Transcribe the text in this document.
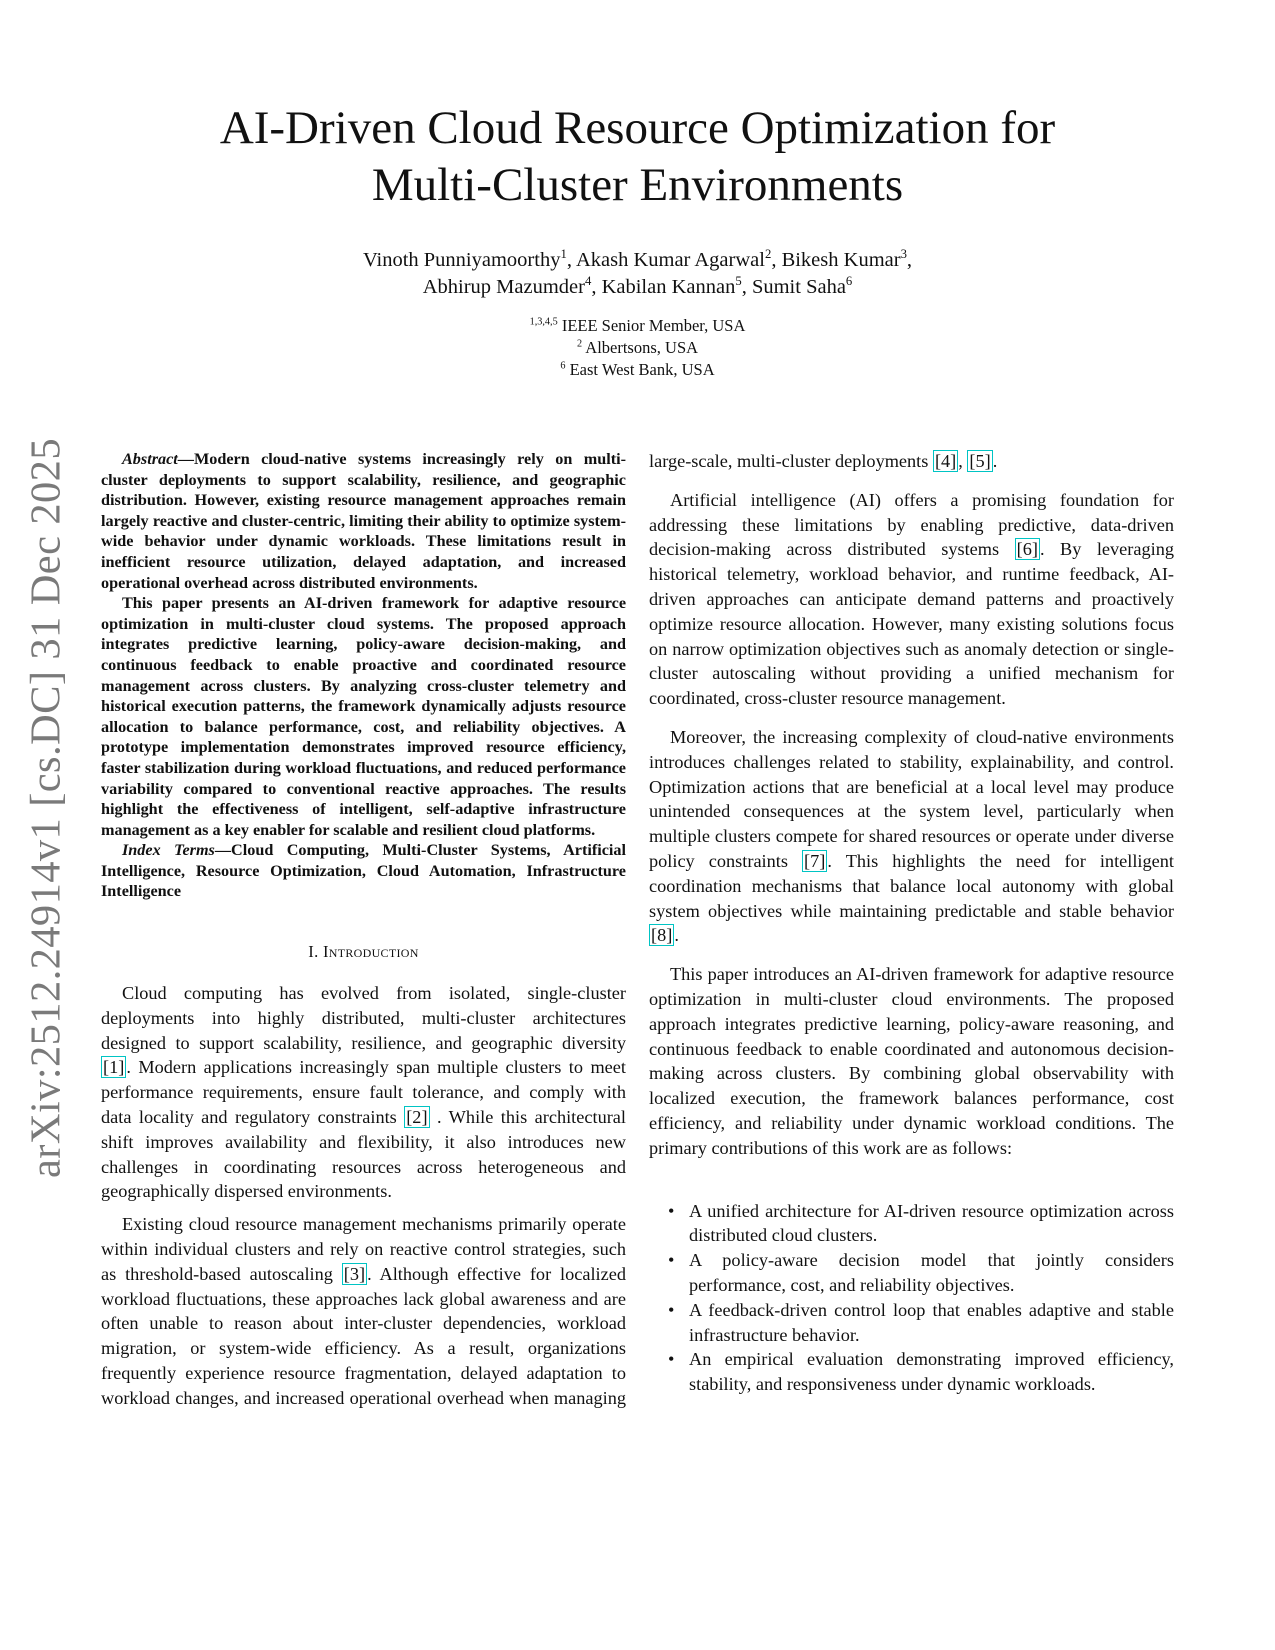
arXiv:2512.24914v1 [cs.DC] 31 Dec 2025
AI-Driven Cloud Resource Optimization for
Multi-Cluster Environments
Vinoth Punniyamoorthy$^1$, Akash Kumar Agarwal$^2$, Bikesh Kumar$^3$,
Abhirup Mazumder$^4$, Kabilan Kannan$^5$, Sumit Saha$^6$
$^{1,3,4,5}$ IEEE Senior Member, USA
$^2$ Albertsons, USA
$^6$ East West Bank, USA

Abstract—Modern cloud-native systems increasingly rely on multi-cluster deployments to support scalability, resilience, and geographic distribution. However, existing resource management approaches remain largely reactive and cluster-centric, limiting their ability to optimize system-wide behavior under dynamic workloads. These limitations result in inefficient resource utilization, delayed adaptation, and increased operational overhead across distributed environments.

This paper presents an AI-driven framework for adaptive resource optimization in multi-cluster cloud systems. The proposed approach integrates predictive learning, policy-aware decision-making, and continuous feedback to enable proactive and coordinated resource management across clusters. By analyzing cross-cluster telemetry and historical execution patterns, the framework dynamically adjusts resource allocation to balance performance, cost, and reliability objectives. A prototype implementation demonstrates improved resource efficiency, faster stabilization during workload fluctuations, and reduced performance variability compared to conventional reactive approaches. The results highlight the effectiveness of intelligent, self-adaptive infrastructure management as a key enabler for scalable and resilient cloud platforms.

Index Terms—Cloud Computing, Multi-Cluster Systems, Artificial Intelligence, Resource Optimization, Cloud Automation, Infrastructure Intelligence

I. Introduction

Cloud computing has evolved from isolated, single-cluster deployments into highly distributed, multi-cluster architectures designed to support scalability, resilience, and geographic diversity [1] . Modern applications increasingly span multiple clusters to meet performance requirements, ensure fault tolerance, and comply with data locality and regulatory constraints [2] . While this architectural shift improves availability and flexibility, it also introduces new challenges in coordinating resources across heterogeneous and geographically dispersed environments.

Existing cloud resource management mechanisms primarily operate within individual clusters and rely on reactive control strategies, such as threshold-based autoscaling [3] . Although effective for localized workload fluctuations, these approaches lack global awareness and are often unable to reason about inter-cluster dependencies, workload migration, or system-wide efficiency. As a result, organizations frequently experience resource fragmentation, delayed adaptation to workload changes, and increased operational overhead when managing

large-scale, multi-cluster deployments [4] , [5] .

Artificial intelligence (AI) offers a promising foundation for addressing these limitations by enabling predictive, data-driven decision-making across distributed systems [6] . By leveraging historical telemetry, workload behavior, and runtime feedback, AI-driven approaches can anticipate demand patterns and proactively optimize resource allocation. However, many existing solutions focus on narrow optimization objectives such as anomaly detection or single-cluster autoscaling without providing a unified mechanism for coordinated, cross-cluster resource management.

Moreover, the increasing complexity of cloud-native environments introduces challenges related to stability, explainability, and control. Optimization actions that are beneficial at a local level may produce unintended consequences at the system level, particularly when multiple clusters compete for shared resources or operate under diverse policy constraints [7] . This highlights the need for intelligent coordination mechanisms that balance local autonomy with global system objectives while maintaining predictable and stable behavior [8] .

This paper introduces an AI-driven framework for adaptive resource optimization in multi-cluster cloud environments. The proposed approach integrates predictive learning, policy-aware reasoning, and continuous feedback to enable coordinated and autonomous decision-making across clusters. By combining global observability with localized execution, the framework balances performance, cost efficiency, and reliability under dynamic workload conditions. The primary contributions of this work are as follows:

• A unified architecture for AI-driven resource optimization across distributed cloud clusters.
• A policy-aware decision model that jointly considers performance, cost, and reliability objectives.
• A feedback-driven control loop that enables adaptive and stable infrastructure behavior.
• An empirical evaluation demonstrating improved efficiency, stability, and responsiveness under dynamic workloads.
